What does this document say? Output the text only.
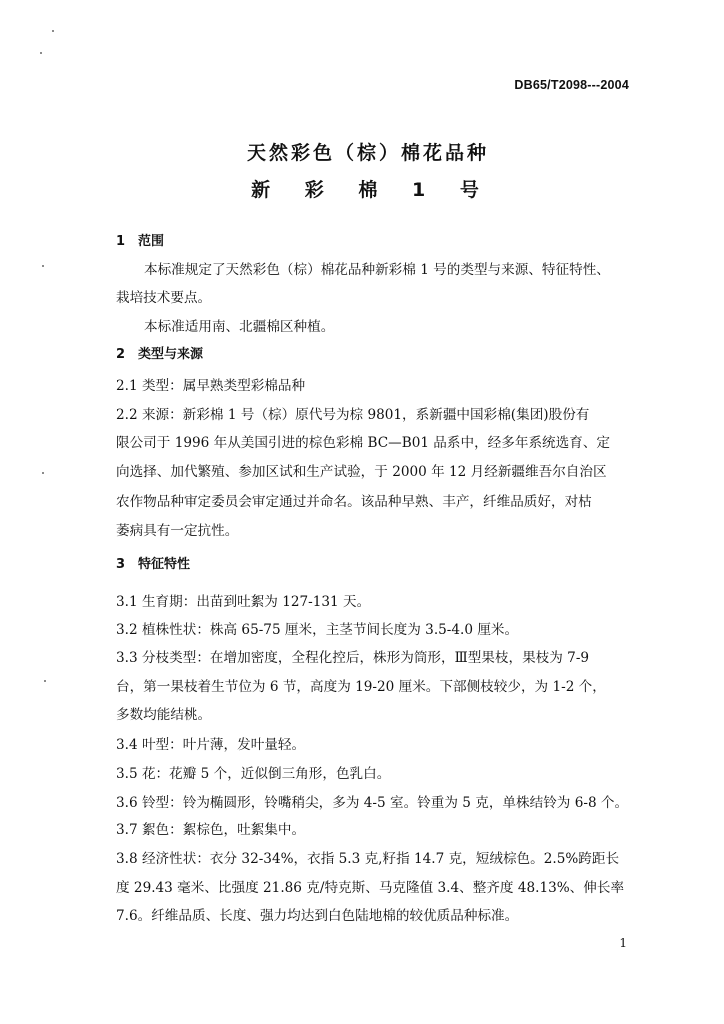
DB65/T2098---2004
天然彩色（棕）棉花品种
新 彩 棉 1 号
1 范围
本标准规定了天然彩色（棕）棉花品种新彩棉 1 号的类型与来源、特征特性、
栽培技术要点。
本标准适用南、北疆棉区种植。
2 类型与来源
2.1 类型：属早熟类型彩棉品种
2.2 来源：新彩棉 1 号（棕）原代号为棕 9801，系新疆中国彩棉(集团)股份有
限公司于 1996 年从美国引进的棕色彩棉 BC—B01 品系中，经多年系统选育、定
向选择、加代繁殖、参加区试和生产试验，于 2000 年 12 月经新疆维吾尔自治区
农作物品种审定委员会审定通过并命名。该品种早熟、丰产，纤维品质好，对枯
萎病具有一定抗性。
3 特征特性
3.1 生育期：出苗到吐絮为 127-131 天。
3.2 植株性状：株高 65-75 厘米，主茎节间长度为 3.5-4.0 厘米。
3.3 分枝类型：在增加密度，全程化控后，株形为筒形，Ⅲ型果枝，果枝为 7-9
台，第一果枝着生节位为 6 节，高度为 19-20 厘米。下部侧枝较少，为 1-2 个，
多数均能结桃。
3.4 叶型：叶片薄，发叶量轻。
3.5 花：花瓣 5 个，近似倒三角形，色乳白。
3.6 铃型：铃为椭圆形，铃嘴稍尖，多为 4-5 室。铃重为 5 克，单株结铃为 6-8 个。
3.7 絮色：絮棕色，吐絮集中。
3.8 经济性状：衣分 32-34%，衣指 5.3 克,籽指 14.7 克，短绒棕色。2.5%跨距长
度 29.43 毫米、比强度 21.86 克/特克斯、马克隆值 3.4、整齐度 48.13%、伸长率
7.6。纤维品质、长度、强力均达到白色陆地棉的较优质品种标准。
1
